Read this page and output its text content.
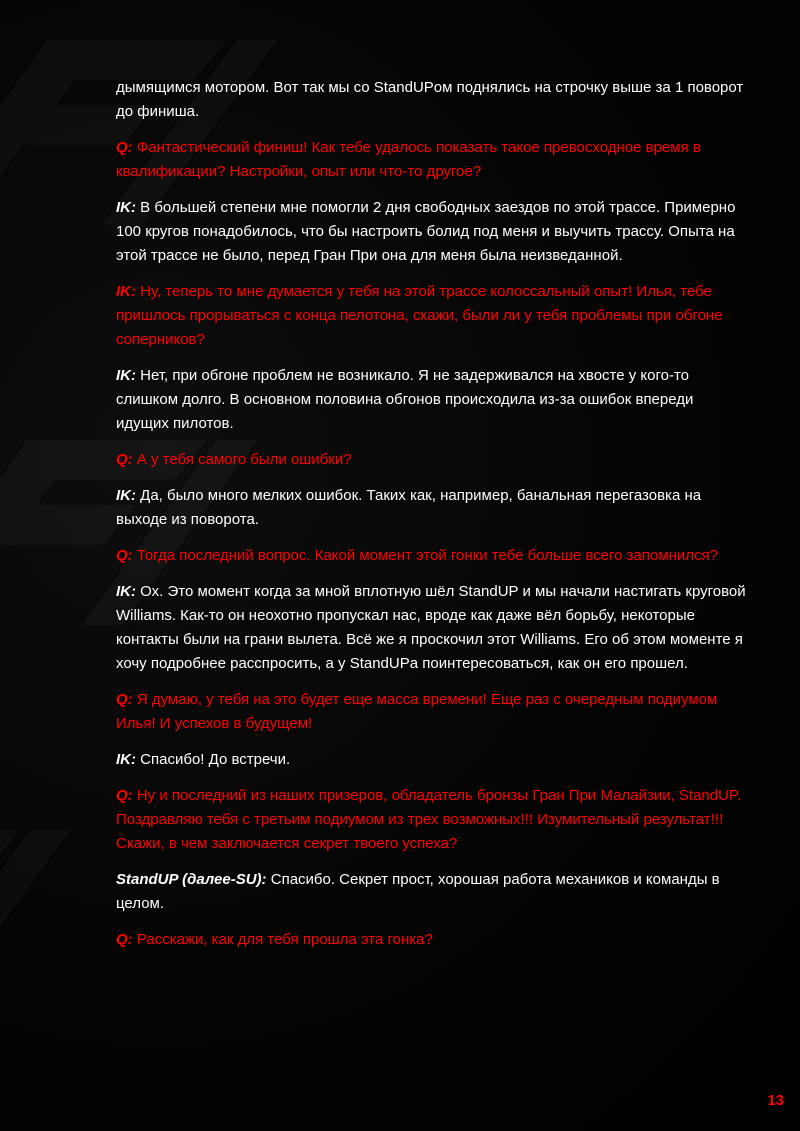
дымящимся мотором. Вот так мы со StandUPом поднялись на строчку выше за 1 поворот до финиша.

Q: Фантастический финиш! Как тебе удалось показать такое превосходное время в квалификации? Настройки, опыт или что-то другое?

IK: В большей степени мне помогли 2 дня свободных заездов по этой трассе. Примерно 100 кругов понадобилось, что бы настроить болид под меня и выучить трассу. Опыта на этой трассе не было, перед Гран При она для меня была неизведанной.

IK: Ну, теперь то мне думается у тебя на этой трассе колоссальный опыт! Илья, тебе пришлось прорываться с конца пелотона, скажи, были ли у тебя проблемы при обгоне соперников?

IK: Нет, при обгоне проблем не возникало. Я не задерживался на хвосте у кого-то слишком долго. В основном половина обгонов происходила из-за ошибок впереди идущих пилотов.

Q: А у тебя самого были ошибки?

IK: Да, было много мелких ошибок. Таких как, например, банальная перегазовка на выходе из поворота.

Q: Тогда последний вопрос. Какой момент этой гонки тебе больше всего запомнился?

IK: Ох. Это момент когда за мной вплотную шёл StandUP и мы начали настигать круговой Williams. Как-то он неохотно пропускал нас, вроде как даже вёл борьбу, некоторые контакты были на грани вылета. Всё же я проскочил этот Williams. Его об этом моменте я хочу подробнее расспросить, а у StandUPа поинтересоваться, как он его прошел.

Q: Я думаю, у тебя на это будет еще масса времени! Еще раз с очередным подиумом Илья! И успехов в будущем!

IK: Спасибо! До встречи.

Q: Ну и последний из наших призеров, обладатель бронзы Гран При Малайзии, StandUP. Поздравляю тебя с третьим подиумом из трех возможных!!! Изумительный результат!!! Скажи, в чем заключается секрет твоего успеха?

StandUP (далее-SU): Спасибо. Секрет прост, хорошая работа механиков и команды в целом.

Q: Расскажи, как для тебя прошла эта гонка?

13
